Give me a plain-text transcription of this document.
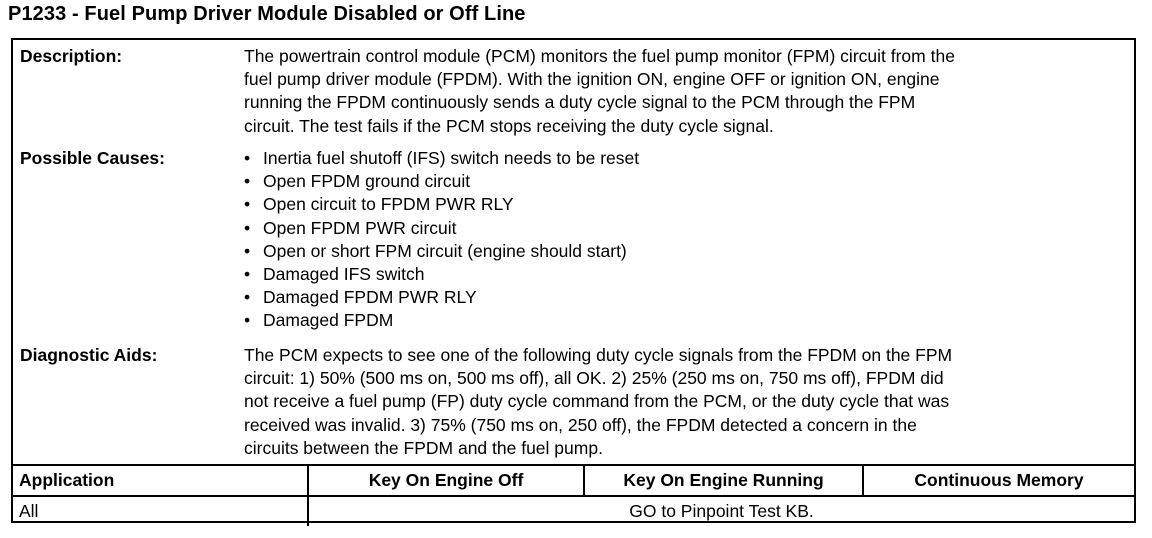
P1233 - Fuel Pump Driver Module Disabled or Off Line
Description:	The powertrain control module (PCM) monitors the fuel pump monitor (FPM) circuit from the
fuel pump driver module (FPDM). With the ignition ON, engine OFF or ignition ON, engine
running the FPDM continuously sends a duty cycle signal to the PCM through the FPM
circuit. The test fails if the PCM stops receiving the duty cycle signal.
Possible Causes:	• Inertia fuel shutoff (IFS) switch needs to be reset
• Open FPDM ground circuit
• Open circuit to FPDM PWR RLY
• Open FPDM PWR circuit
• Open or short FPM circuit (engine should start)
• Damaged IFS switch
• Damaged FPDM PWR RLY
• Damaged FPDM
Diagnostic Aids:	The PCM expects to see one of the following duty cycle signals from the FPDM on the FPM
circuit: 1) 50% (500 ms on, 500 ms off), all OK. 2) 25% (250 ms on, 750 ms off), FPDM did
not receive a fuel pump (FP) duty cycle command from the PCM, or the duty cycle that was
received was invalid. 3) 75% (750 ms on, 250 off), the FPDM detected a concern in the
circuits between the FPDM and the fuel pump.
Application	Key On Engine Off	Key On Engine Running	Continuous Memory
All	GO to Pinpoint Test KB.
